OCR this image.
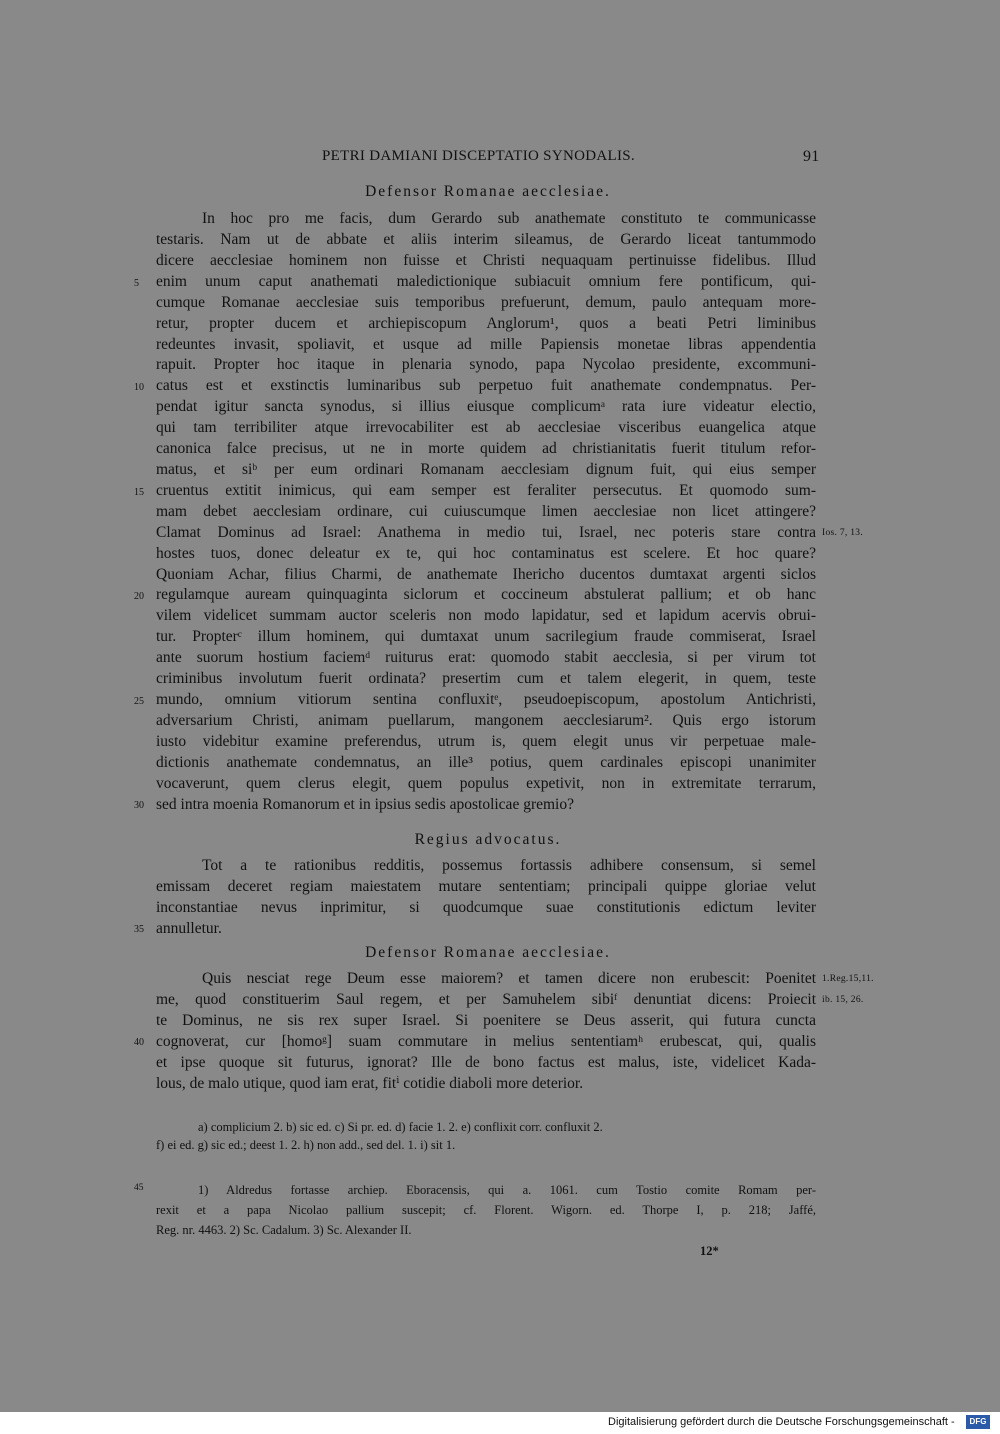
PETRI DAMIANI DISCEPTATIO SYNODALIS.	91
Defensor Romanae aecclesiae.
In hoc pro me facis, dum Gerardo sub anathemate constituto te communicasse
testaris. Nam ut de abbate et aliis interim sileamus, de Gerardo liceat tantummodo
dicere aecclesiae hominem non fuisse et Christi nequaquam pertinuisse fidelibus. Illud
enim unum caput anathemati maledictionique subiacuit omnium fere pontificum, qui-
cumque Romanae aecclesiae suis temporibus prefuerunt, demum, paulo antequam more-
retur, propter ducem et archiepiscopum Anglorum¹, quos a beati Petri liminibus
redeuntes invasit, spoliavit, et usque ad mille Papiensis monetae libras appendentia
rapuit. Propter hoc itaque in plenaria synodo, papa Nycolao presidente, excommuni-
catus est et exstinctis luminaribus sub perpetuo fuit anathemate condempnatus. Per-
pendat igitur sancta synodus, si illius eiusque complicumᵃ rata iure videatur electio,
qui tam terribiliter atque irrevocabiliter est ab aecclesiae visceribus euangelica atque
canonica falce precisus, ut ne in morte quidem ad christianitatis fuerit titulum refor-
matus, et siᵇ per eum ordinari Romanam aecclesiam dignum fuit, qui eius semper
cruentus extitit inimicus, qui eam semper est feraliter persecutus. Et quomodo sum-
mam debet aecclesiam ordinare, cui cuiuscumque limen aecclesiae non licet attingere?
Clamat Dominus ad Israel: Anathema in medio tui, Israel, nec poteris stare contra
hostes tuos, donec deleatur ex te, qui hoc contaminatus est scelere. Et hoc quare?
Quoniam Achar, filius Charmi, de anathemate Ihericho ducentos dumtaxat argenti siclos
regulamque auream quinquaginta siclorum et coccineum abstulerat pallium; et ob hanc
vilem videlicet summam auctor sceleris non modo lapidatur, sed et lapidum acervis obrui-
tur. Propterᶜ illum hominem, qui dumtaxat unum sacrilegium fraude commiserat, Israel
ante suorum hostium faciemᵈ ruiturus erat: quomodo stabit aecclesia, si per virum tot
criminibus involutum fuerit ordinata? presertim cum et talem elegerit, in quem, teste
mundo, omnium vitiorum sentina confluxitᵉ, pseudoepiscopum, apostolum Antichristi,
adversarium Christi, animam puellarum, mangonem aecclesiarum². Quis ergo istorum
iusto videbitur examine preferendus, utrum is, quem elegit unus vir perpetuae male-
dictionis anathemate condemnatus, an ille³ potius, quem cardinales episcopi unanimiter
vocaverunt, quem clerus elegit, quem populus expetivit, non in extremitate terrarum,
sed intra moenia Romanorum et in ipsius sedis apostolicae gremio?
Regius advocatus.
Tot a te rationibus redditis, possemus fortassis adhibere consensum, si semel
emissam deceret regiam maiestatem mutare sententiam; principali quippe gloriae velut
inconstantiae nevus inprimitur, si quodcumque suae constitutionis edictum leviter
annulletur.
Defensor Romanae aecclesiae.
Quis nesciat rege Deum esse maiorem? et tamen dicere non erubescit: Poenitet
me, quod constituerim Saul regem, et per Samuhelem sibiᶠ denuntiat dicens: Proiecit
te Dominus, ne sis rex super Israel. Si poenitere se Deus asserit, qui futura cuncta
cognoverat, cur [homoᵍ] suam commutare in melius sententiamʰ erubescat, qui, qualis
et ipse quoque sit futurus, ignorat? Ille de bono factus est malus, iste, videlicet Kada-
lous, de malo utique, quod iam erat, fitⁱ cotidie diaboli more deterior.
5
10
15
20
25
30
35
40
45
Ios. 7, 13.
1.Reg.15,11.
ib. 15, 26.
a) complicium 2. b) sic ed. c) Si pr. ed. d) facie 1. 2. e) conflixit corr. confluxit 2.
f) ei ed. g) sic ed.; deest 1. 2. h) non add., sed del. 1. i) sit 1.
1) Aldredus fortasse archiep. Eboracensis, qui a. 1061. cum Tostio comite Romam per-
rexit et a papa Nicolao pallium suscepit; cf. Florent. Wigorn. ed. Thorpe I, p. 218; Jaffé,
Reg. nr. 4463. 2) Sc. Cadalum. 3) Sc. Alexander II.
12*
Digitalisierung gefördert durch die Deutsche Forschungsgemeinschaft -	DFG
